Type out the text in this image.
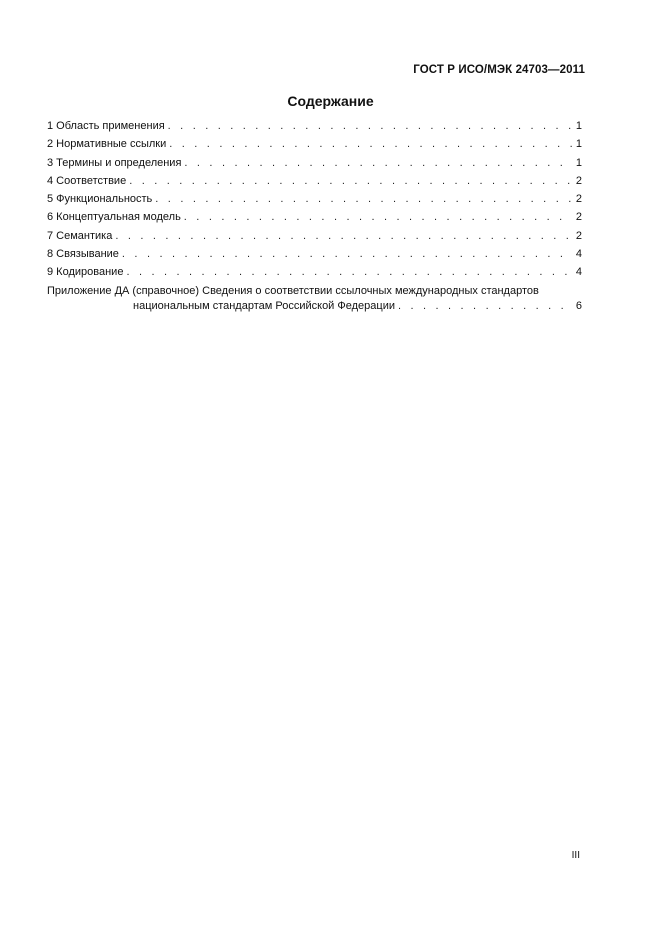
ГОСТ Р ИСО/МЭК 24703—2011
Содержание
1 Область применения . . .	1
2 Нормативные ссылки . . .	1
3 Термины и определения . . .	1
4 Соответствие . . .	2
5 Функциональность . . .	2
6 Концептуальная модель . . .	2
7 Семантика . . .	2
8 Связывание . . .	4
9 Кодирование . . .	4
Приложение ДА (справочное) Сведения о соответствии ссылочных международных стандартов
национальным стандартам Российской Федерации . . .	6
III
